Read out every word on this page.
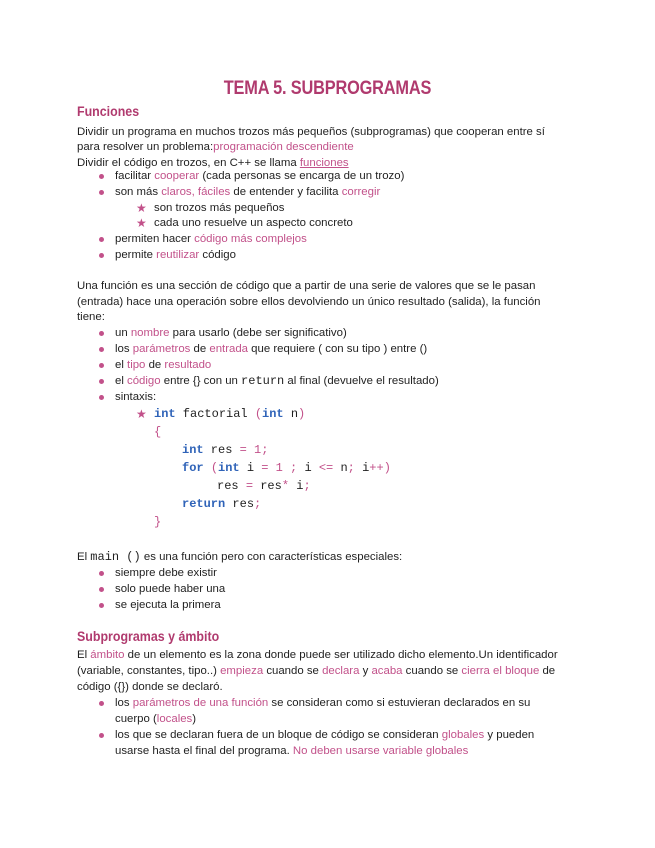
TEMA 5. SUBPROGRAMAS
Funciones
Dividir un programa en muchos trozos más pequeños (subprogramas) que cooperan entre sí
para resolver un problema:programación descendiente
Dividir el código en trozos, en C++ se llama funciones
facilitar cooperar (cada personas se encarga de un trozo)
son más claros, fáciles de entender y facilita corregir
★ son trozos más pequeños
★ cada uno resuelve un aspecto concreto
permiten hacer código más complejos
permite reutilizar código
Una función es una sección de código que a partir de una serie de valores que se le pasan
(entrada) hace una operación sobre ellos devolviendo un único resultado (salida), la función
tiene:
un nombre para usarlo (debe ser significativo)
los parámetros de entrada que requiere ( con su tipo ) entre ()
el tipo de resultado
el código entre {} con un return al final (devuelve el resultado)
sintaxis:
★ int factorial (int n)
{
int res = 1;
for (int i = 1 ; i <= n; i++)
res = res* i;
return res;
}
El main () es una función pero con características especiales:
siempre debe existir
solo puede haber una
se ejecuta la primera
Subprogramas y ámbito
El ámbito de un elemento es la zona donde puede ser utilizado dicho elemento.Un identificador
(variable, constantes, tipo..) empieza cuando se declara y acaba cuando se cierra el bloque de
código ({}) donde se declaró.
los parámetros de una función se consideran como si estuvieran declarados en su
cuerpo (locales)
los que se declaran fuera de un bloque de código se consideran globales y pueden
usarse hasta el final del programa. No deben usarse variable globales
